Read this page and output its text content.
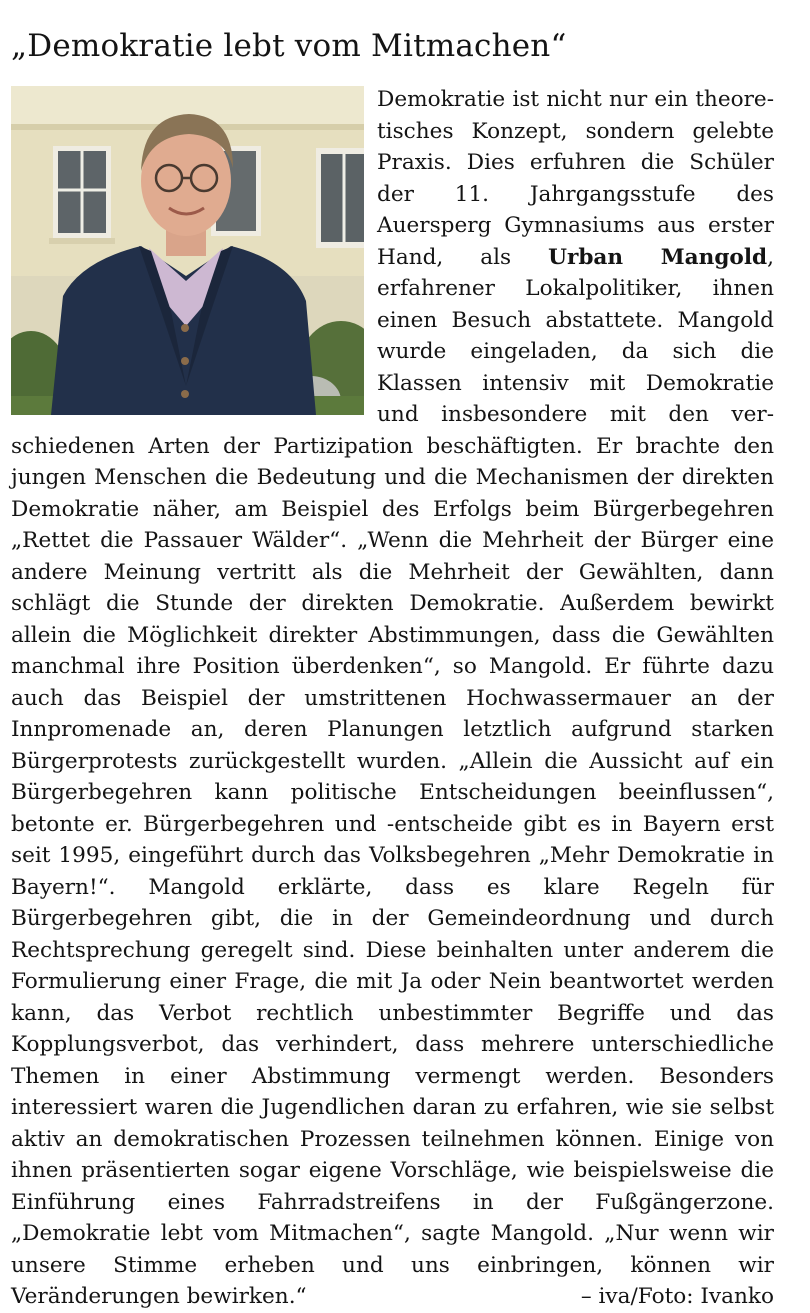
„Demokratie lebt vom Mitmachen“
Demokratie ist nicht nur ein theoretisches Konzept, sondern gelebte Praxis. Dies erfuhren die Schüler der 11. Jahrgangsstufe des Auersperg Gymnasiums aus erster Hand, als Urban Mangold, erfahrener Lokalpolitiker, ihnen einen Besuch abstattete. Mangold wurde eingeladen, da sich die Klassen intensiv mit Demokratie und insbesondere mit den verschiedenen Arten der Partizipation beschäftigten. Er brachte den jungen Menschen die Bedeutung und die Mechanismen der direkten Demokratie näher, am Beispiel des Erfolgs beim Bürgerbegehren „Rettet die Passauer Wälder“. „Wenn die Mehrheit der Bürger eine andere Meinung vertritt als die Mehrheit der Gewählten, dann schlägt die Stunde der direkten Demokratie. Außerdem bewirkt allein die Möglichkeit direkter Abstimmungen, dass die Gewählten manchmal ihre Position überdenken“, so Mangold. Er führte dazu auch das Beispiel der umstrittenen Hochwassermauer an der Innpromenade an, deren Planungen letztlich aufgrund starken Bürgerprotests zurückgestellt wurden. „Allein die Aussicht auf ein Bürgerbegehren kann politische Entscheidungen beeinflussen“, betonte er. Bürgerbegehren und -entscheide gibt es in Bayern erst seit 1995, eingeführt durch das Volksbegehren „Mehr Demokratie in Bayern!“. Mangold erklärte, dass es klare Regeln für Bürgerbegehren gibt, die in der Gemeindeordnung und durch Rechtsprechung geregelt sind. Diese beinhalten unter anderem die Formulierung einer Frage, die mit Ja oder Nein beantwortet werden kann, das Verbot rechtlich unbestimmter Begriffe und das Kopplungsverbot, das verhindert, dass mehrere unterschiedliche Themen in einer Abstimmung vermengt werden. Besonders interessiert waren die Jugendlichen daran zu erfahren, wie sie selbst aktiv an demokratischen Prozessen teilnehmen können. Einige von ihnen präsentierten sogar eigene Vorschläge, wie beispielsweise die Einführung eines Fahrradstreifens in der Fußgängerzone. „Demokratie lebt vom Mitmachen“, sagte Mangold. „Nur wenn wir unsere Stimme erheben und uns einbringen, können wir Veränderungen bewirken.“	– iva/Foto: Ivanko
